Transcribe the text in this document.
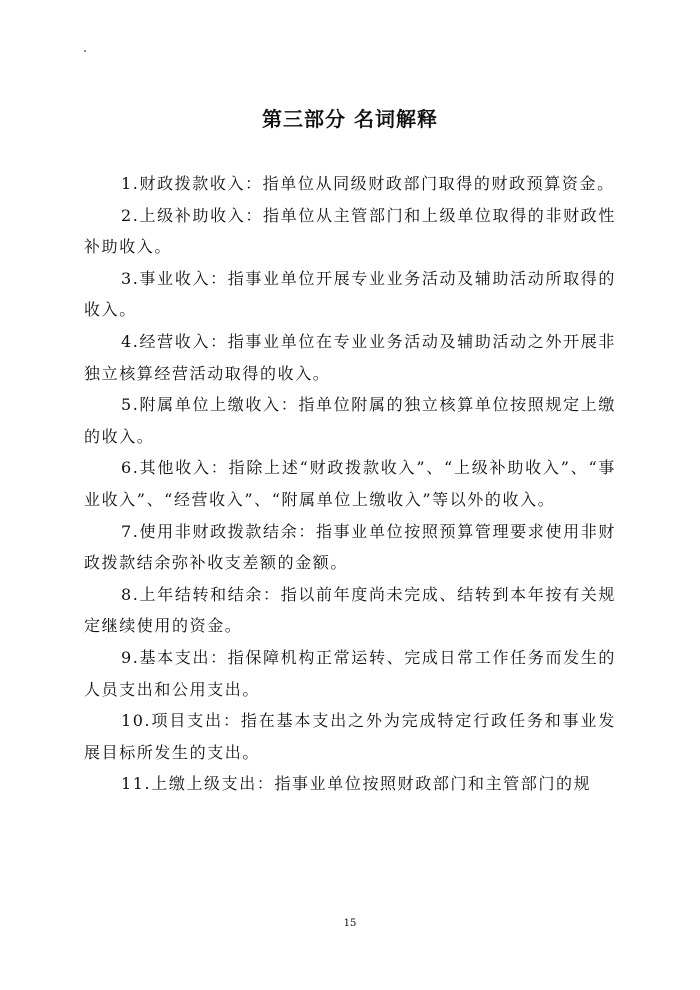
第三部分 名词解释

1.财政拨款收入：指单位从同级财政部门取得的财政预算资金。

2.上级补助收入：指单位从主管部门和上级单位取得的非财政性补助收入。

3.事业收入：指事业单位开展专业业务活动及辅助活动所取得的收入。

4.经营收入：指事业单位在专业业务活动及辅助活动之外开展非独立核算经营活动取得的收入。

5.附属单位上缴收入：指单位附属的独立核算单位按照规定上缴的收入。

6.其他收入：指除上述“财政拨款收入”、“上级补助收入”、“事业收入”、“经营收入”、“附属单位上缴收入”等以外的收入。

7.使用非财政拨款结余：指事业单位按照预算管理要求使用非财政拨款结余弥补收支差额的金额。

8.上年结转和结余：指以前年度尚未完成、结转到本年按有关规定继续使用的资金。

9.基本支出：指保障机构正常运转、完成日常工作任务而发生的人员支出和公用支出。

10.项目支出：指在基本支出之外为完成特定行政任务和事业发展目标所发生的支出。

11.上缴上级支出：指事业单位按照财政部门和主管部门的规

15
